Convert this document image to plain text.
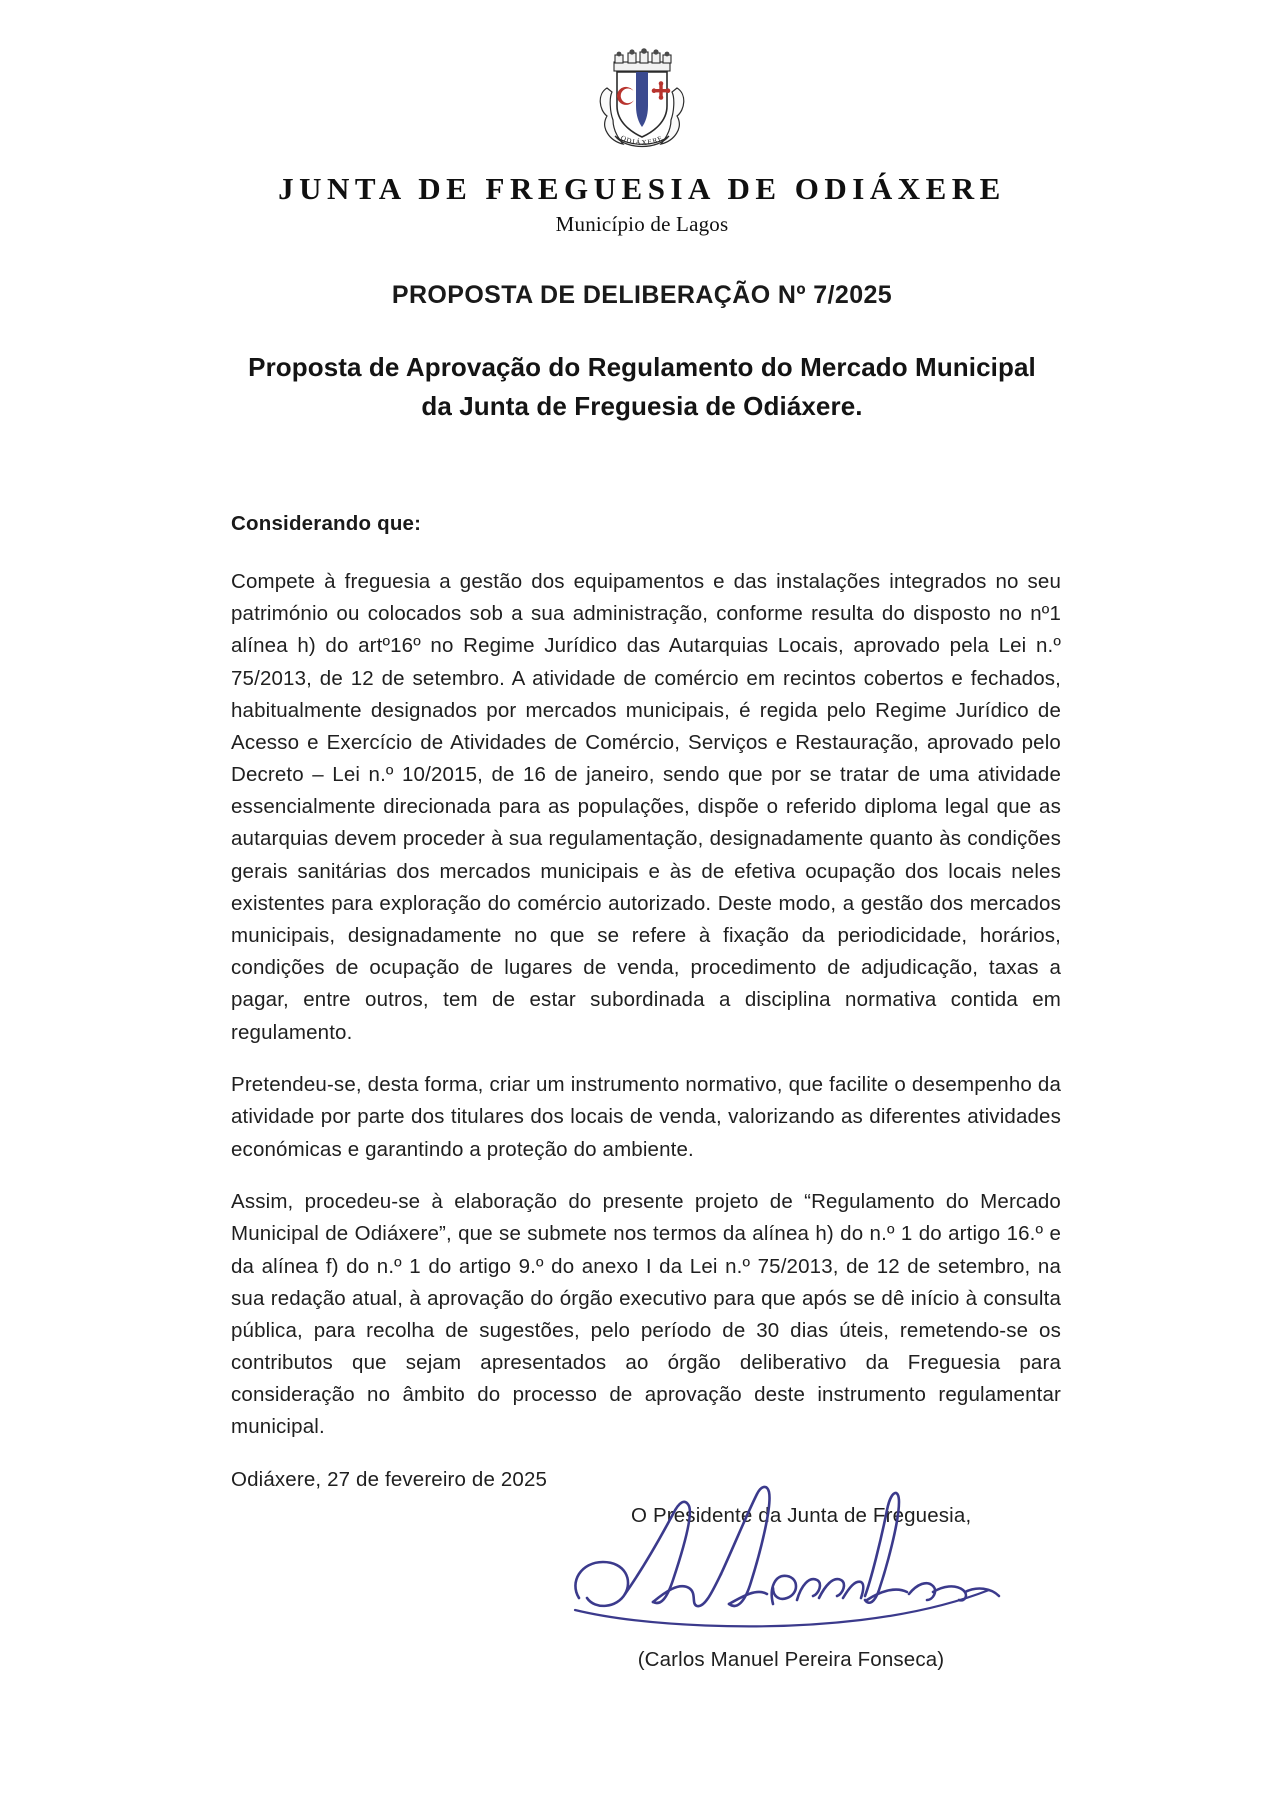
ODIÁXERE
JUNTA DE FREGUESIA DE ODIÁXERE
Município de Lagos
PROPOSTA DE DELIBERAÇÃO Nº 7/2025
Proposta de Aprovação do Regulamento do Mercado Municipal
da Junta de Freguesia de Odiáxere.
Considerando que:

Compete à freguesia a gestão dos equipamentos e das instalações integrados no seu património ou colocados sob a sua administração, conforme resulta do disposto no nº1 alínea h) do artº16º no Regime Jurídico das Autarquias Locais, aprovado pela Lei n.º 75/2013, de 12 de setembro. A atividade de comércio em recintos cobertos e fechados, habitualmente designados por mercados municipais, é regida pelo Regime Jurídico de Acesso e Exercício de Atividades de Comércio, Serviços e Restauração, aprovado pelo Decreto – Lei n.º 10/2015, de 16 de janeiro, sendo que por se tratar de uma atividade essencialmente direcionada para as populações, dispõe o referido diploma legal que as autarquias devem proceder à sua regulamentação, designadamente quanto às condições gerais sanitárias dos mercados municipais e às de efetiva ocupação dos locais neles existentes para exploração do comércio autorizado. Deste modo, a gestão dos mercados municipais, designadamente no que se refere à fixação da periodicidade, horários, condições de ocupação de lugares de venda, procedimento de adjudicação, taxas a pagar, entre outros, tem de estar subordinada a disciplina normativa contida em regulamento.

Pretendeu-se, desta forma, criar um instrumento normativo, que facilite o desempenho da atividade por parte dos titulares dos locais de venda, valorizando as diferentes atividades económicas e garantindo a proteção do ambiente.

Assim, procedeu-se à elaboração do presente projeto de “Regulamento do Mercado Municipal de Odiáxere”, que se submete nos termos da alínea h) do n.º 1 do artigo 16.º e da alínea f) do n.º 1 do artigo 9.º do anexo I da Lei n.º 75/2013, de 12 de setembro, na sua redação atual, à aprovação do órgão executivo para que após se dê início à consulta pública, para recolha de sugestões, pelo período de 30 dias úteis, remetendo-se os contributos que sejam apresentados ao órgão deliberativo da Freguesia para consideração no âmbito do processo de aprovação deste instrumento regulamentar municipal.

Odiáxere, 27 de fevereiro de 2025
O Presidente da Junta de Freguesia,
(Carlos Manuel Pereira Fonseca)
